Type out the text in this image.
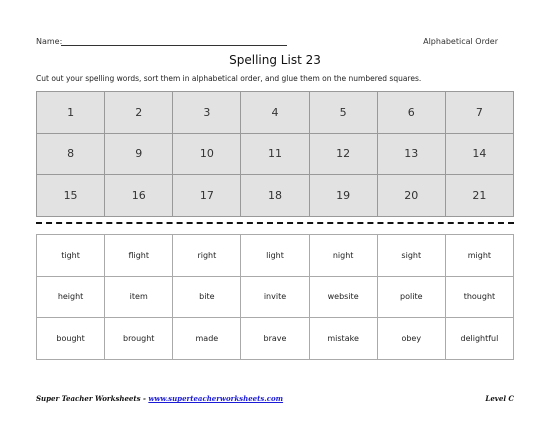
Name:	Alphabetical Order
Spelling List 23
Cut out your spelling words, sort them in alphabetical order, and glue them on the numbered squares.
1	2	3	4	5	6	7
8	9	10	11	12	13	14
15	16	17	18	19	20	21
tight	flight	right	light	night	sight	might
height	item	bite	invite	website	polite	thought
bought	brought	made	brave	mistake	obey	delightful
Super Teacher Worksheets - www.superteacherworksheets.com	Level C
